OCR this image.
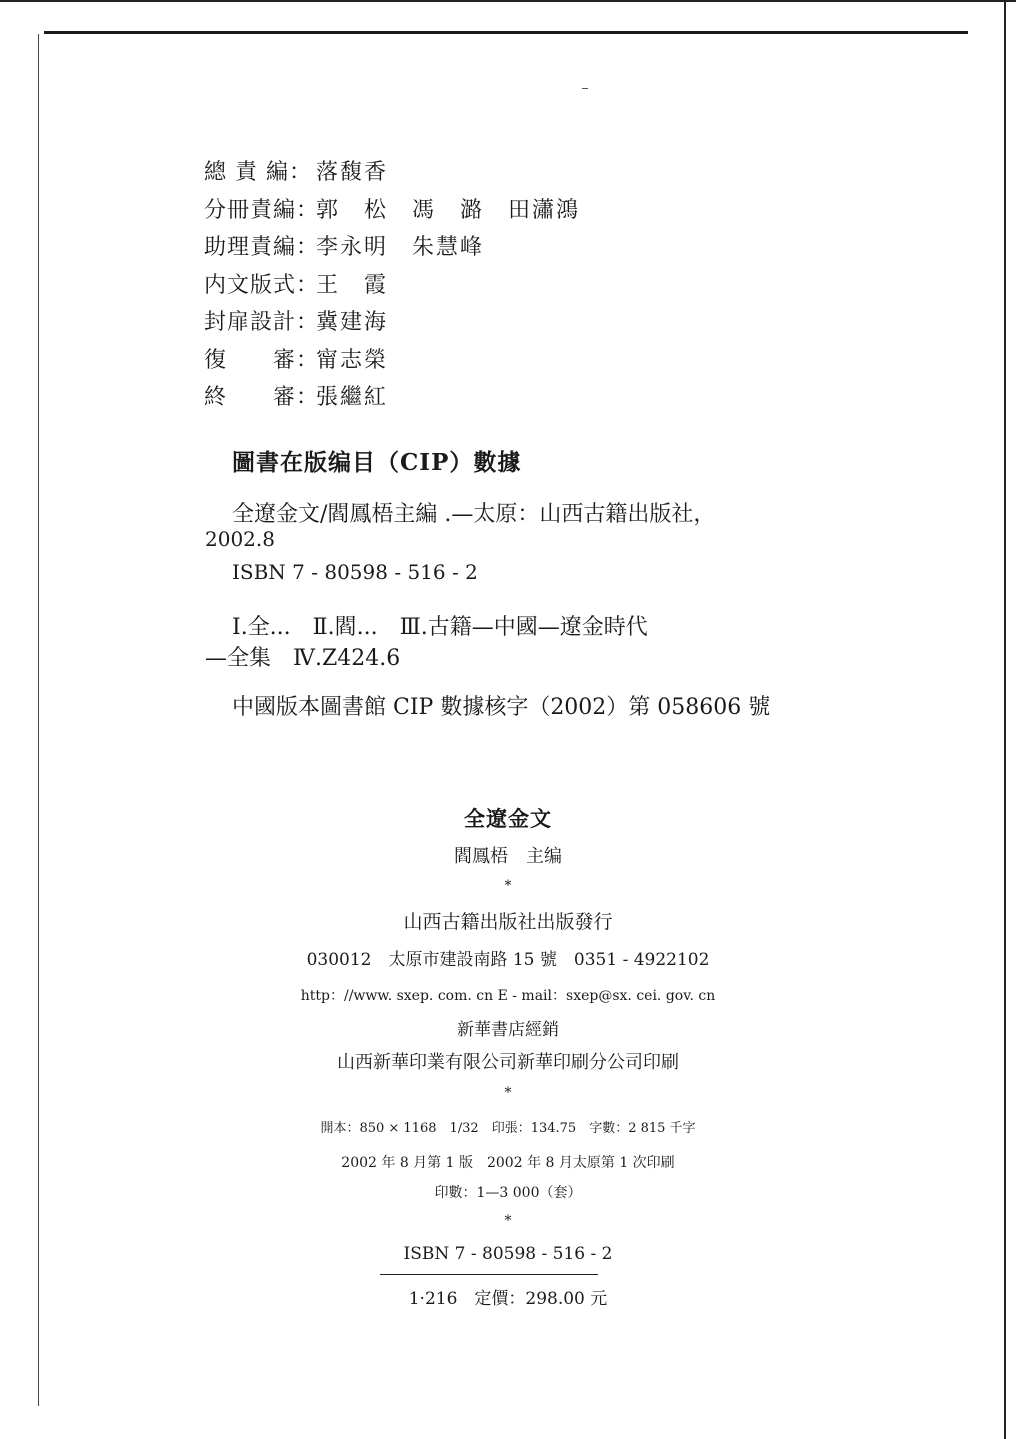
總 責 編： 落馥香
分冊責編：
郭　松　馮　潞　田瀟鴻
助理責編：
李永明　朱慧峰
内文版式：
王　霞
封扉設計：
冀建海
復　　審：
甯志榮
終　　審：
張繼紅
圖書在版编目（CIP）數據
全遼金文/閻鳳梧主編 .—太原：山西古籍出版社，
2002.8
ISBN 7 - 80598 - 516 - 2
Ⅰ.全...　Ⅱ.閻...　Ⅲ.古籍—中國—遼金時代
—全集　Ⅳ.Z424.6
中國版本圖書館 CIP 數據核字（2002）第 058606 號
全遼金文
閻鳳梧　主编
*
山西古籍出版社出版發行
030012　太原市建設南路 15 號　0351 - 4922102
http：//www. sxep. com. cn E - mail：sxep@sx. cei. gov. cn
新華書店經銷
山西新華印業有限公司新華印刷分公司印刷
*
開本：850 × 1168　1/32　印張：134.75　字數：2 815 千字
2002 年 8 月第 1 版　2002 年 8 月太原第 1 次印刷
印數：1—3 000（套）
*
ISBN 7 - 80598 - 516 - 2
1·216　定價：298.00 元
